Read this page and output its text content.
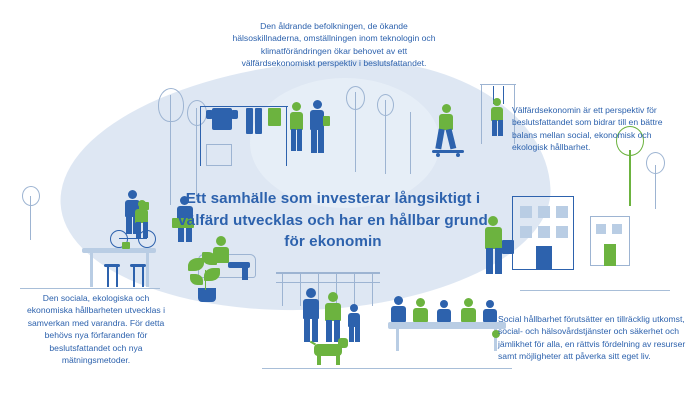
Ett samhälle som investerar långsiktigt i välfärd utvecklas och har en hållbar grund för ekonomin
Den åldrande befolkningen, de ökande hälsoskillnaderna, omställningen inom teknologin och klimatförändringen ökar behovet av ett välfärdsekonomiskt perspektiv i beslutsfattandet.
Välfärdsekonomin är ett perspektiv för beslutsfattandet som bidrar till en bättre balans mellan social, ekonomisk och ekologisk hållbarhet.
Den sociala, ekologiska och ekonomiska hållbarheten utvecklas i samverkan med varandra. För detta behövs nya förfaranden för beslutsfattandet och nya mätningsmetoder.
Social hållbarhet förutsätter en tillräcklig utkomst, social- och hälsovårdstjänster och säkerhet och jämlikhet för alla, en rättvis fördelning av resurser samt möjligheter att påverka sitt eget liv.
